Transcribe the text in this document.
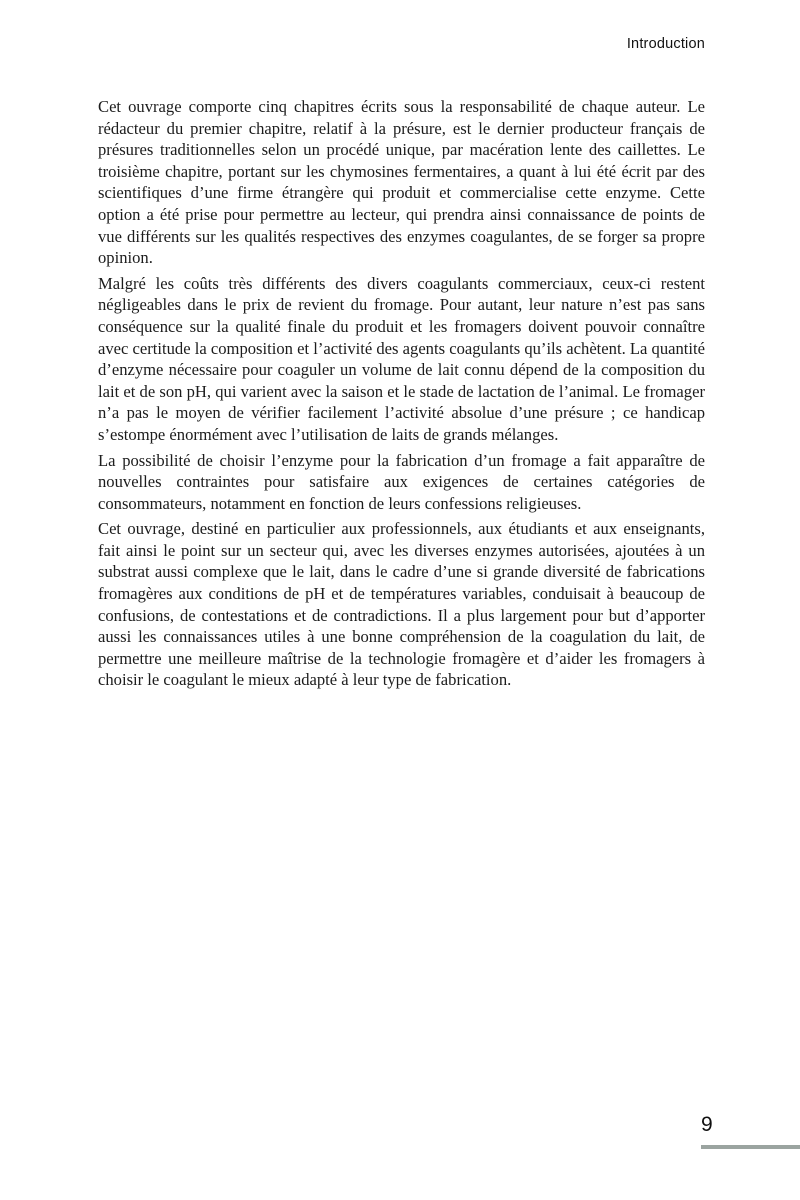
Introduction

Cet ouvrage comporte cinq chapitres écrits sous la responsabilité de chaque auteur. Le rédacteur du premier chapitre, relatif à la présure, est le dernier producteur français de présures traditionnelles selon un procédé unique, par macération lente des caillettes. Le troisième chapitre, portant sur les chymosines fermentaires, a quant à lui été écrit par des scientifiques d’une firme étrangère qui produit et commercialise cette enzyme. Cette option a été prise pour permettre au lecteur, qui prendra ainsi connaissance de points de vue différents sur les qualités respectives des enzymes coagulantes, de se forger sa propre opinion.

Malgré les coûts très différents des divers coagulants commerciaux, ceux-ci restent négligeables dans le prix de revient du fromage. Pour autant, leur nature n’est pas sans conséquence sur la qualité finale du produit et les fromagers doivent pouvoir connaître avec certitude la composition et l’activité des agents coagulants qu’ils achètent. La quantité d’enzyme nécessaire pour coaguler un volume de lait connu dépend de la composition du lait et de son pH, qui varient avec la saison et le stade de lactation de l’animal. Le fromager n’a pas le moyen de vérifier facilement l’activité absolue d’une présure ; ce handicap s’estompe énormément avec l’utilisation de laits de grands mélanges.

La possibilité de choisir l’enzyme pour la fabrication d’un fromage a fait apparaître de nouvelles contraintes pour satisfaire aux exigences de certaines catégories de consommateurs, notamment en fonction de leurs confessions religieuses.

Cet ouvrage, destiné en particulier aux professionnels, aux étudiants et aux enseignants, fait ainsi le point sur un secteur qui, avec les diverses enzymes autorisées, ajoutées à un substrat aussi complexe que le lait, dans le cadre d’une si grande diversité de fabrications fromagères aux conditions de pH et de températures variables, conduisait à beaucoup de confusions, de contestations et de contradictions. Il a plus largement pour but d’apporter aussi les connaissances utiles à une bonne compréhension de la coagulation du lait, de permettre une meilleure maîtrise de la technologie fromagère et d’aider les fromagers à choisir le coagulant le mieux adapté à leur type de fabrication.

9
